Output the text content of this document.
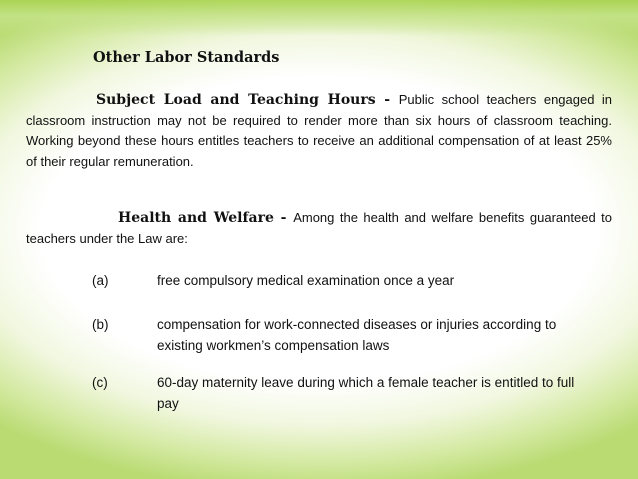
Other Labor Standards

Subject Load and Teaching Hours - Public school teachers engaged in classroom instruction may not be required to render more than six hours of classroom teaching. Working beyond these hours entitles teachers to receive an additional compensation of at least 25% of their regular remuneration.

Health and Welfare - Among the health and welfare benefits guaranteed to teachers under the Law are:

(a)	free compulsory medical examination once a year
(b)	compensation for work-connected diseases or injuries according to existing workmen’s compensation laws
(c)	60-day maternity leave during which a female teacher is entitled to full pay
